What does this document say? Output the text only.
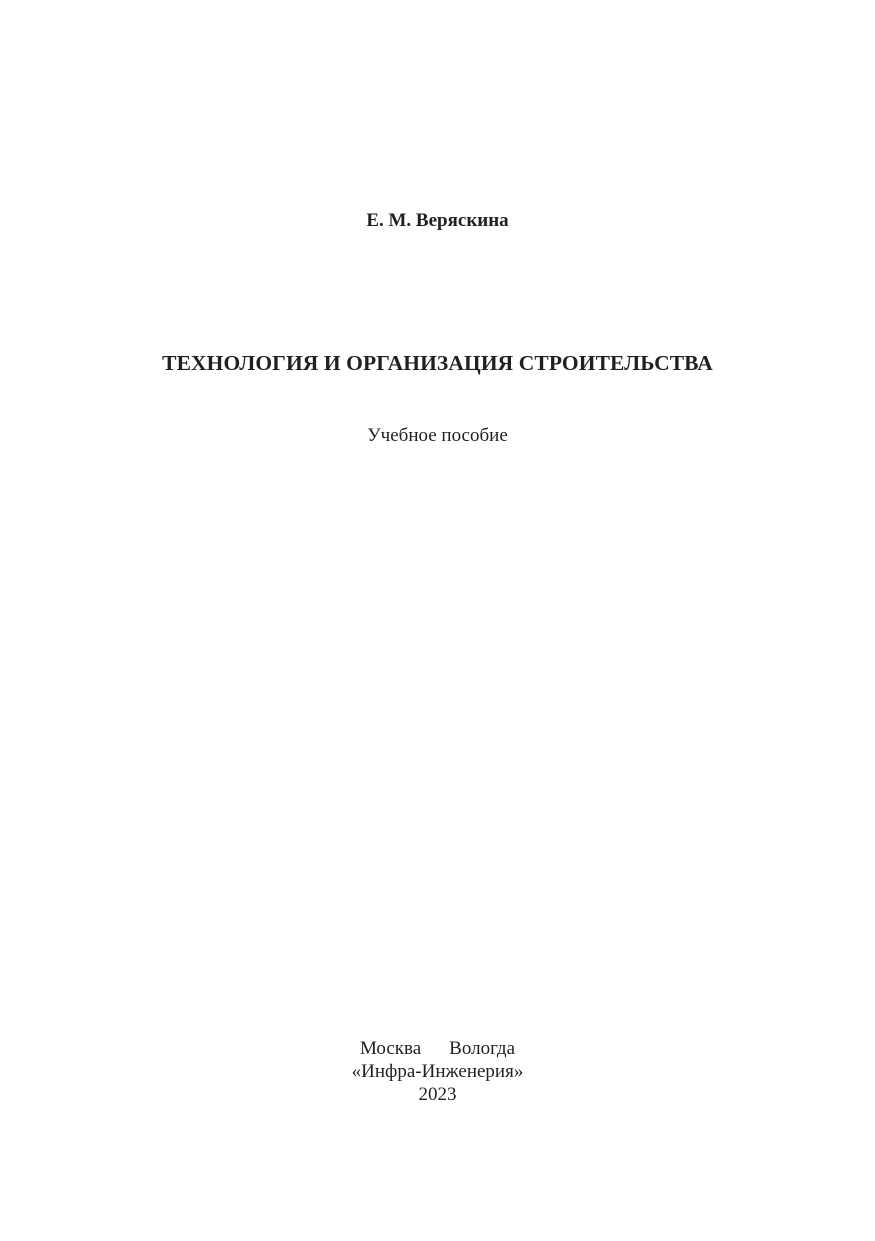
Е. М. Веряскина
ТЕХНОЛОГИЯ И ОРГАНИЗАЦИЯ СТРОИТЕЛЬСТВА
Учебное пособие
Москва Вологда
«Инфра-Инженерия»
2023
